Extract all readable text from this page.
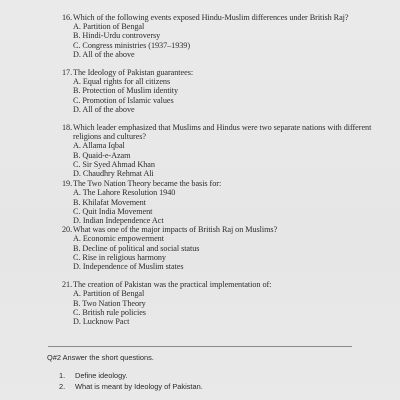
16. Which of the following events exposed Hindu-Muslim differences under British Raj?
A. Partition of Bengal
B. Hindi-Urdu controversy
C. Congress ministries (1937–1939)
D. All of the above
17. The Ideology of Pakistan guarantees:
A. Equal rights for all citizens
B. Protection of Muslim identity
C. Promotion of Islamic values
D. All of the above
18. Which leader emphasized that Muslims and Hindus were two separate nations with different religions and cultures?
A. Allama Iqbal
B. Quaid-e-Azam
C. Sir Syed Ahmad Khan
D. Chaudhry Rehmat Ali
19. The Two Nation Theory became the basis for:
A. The Lahore Resolution 1940
B. Khilafat Movement
C. Quit India Movement
D. Indian Independence Act
20. What was one of the major impacts of British Raj on Muslims?
A. Economic empowerment
B. Decline of political and social status
C. Rise in religious harmony
D. Independence of Muslim states
21. The creation of Pakistan was the practical implementation of:
A. Partition of Bengal
B. Two Nation Theory
C. British rule policies
D. Lucknow Pact
Q#2 Answer the short questions.
1.	Define ideology.
2.	What is meant by Ideology of Pakistan.
